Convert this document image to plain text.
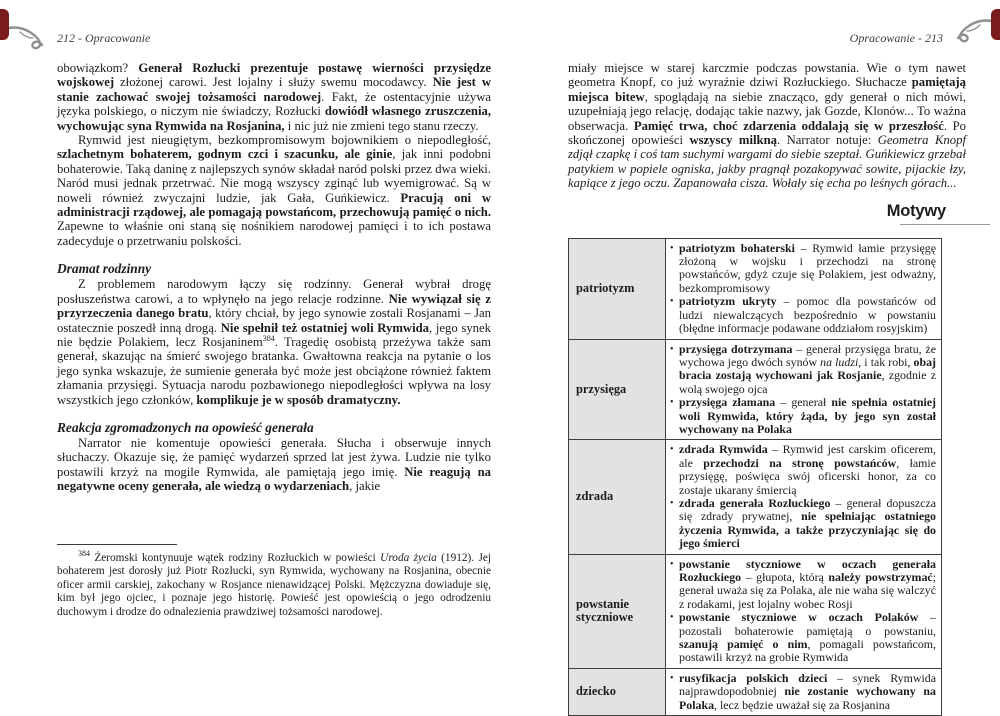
212 - Opracowanie

obowiązkom? Generał Rozłucki prezentuje postawę wierności przysiędze wojskowej złożonej carowi. Jest lojalny i służy swemu mocodawcy. Nie jest w stanie zachować swojej tożsamości narodowej. Fakt, że ostentacyjnie używa języka polskiego, o niczym nie świadczy, Rozłucki dowiódł własnego zruszczenia, wychowując syna Rymwida na Rosjanina, i nic już nie zmieni tego stanu rzeczy.

Rymwid jest nieugiętym, bezkompromisowym bojownikiem o niepodległość, szlachetnym bohaterem, godnym czci i szacunku, ale ginie, jak inni podobni bohaterowie. Taką daninę z najlepszych synów składał naród polski przez dwa wieki. Naród musi jednak przetrwać. Nie mogą wszyscy zginąć lub wyemigrować. Są w noweli również zwyczajni ludzie, jak Gała, Guńkiewicz. Pracują oni w administracji rządowej, ale pomagają powstańcom, przechowują pamięć o nich. Zapewne to właśnie oni staną się nośnikiem narodowej pamięci i to ich postawa zadecyduje o przetrwaniu polskości.

Dramat rodzinny

Z problemem narodowym łączy się rodzinny. Generał wybrał drogę posłuszeństwa carowi, a to wpłynęło na jego relacje rodzinne. Nie wywiązał się z przyrzeczenia danego bratu, który chciał, by jego synowie zostali Rosjanami – Jan ostatecznie poszedł inną drogą. Nie spełnił też ostatniej woli Rymwida, jego synek nie będzie Polakiem, lecz Rosjaninem$^{384}$. Tragedię osobistą przeżywa także sam generał, skazując na śmierć swojego bratanka. Gwałtowna reakcja na pytanie o los jego synka wskazuje, że sumienie generała być może jest obciążone również faktem złamania przysięgi. Sytuacja narodu pozbawionego niepodległości wpływa na losy wszystkich jego członków, komplikuje je w sposób dramatyczny.

Reakcja zgromadzonych na opowieść generała

Narrator nie komentuje opowieści generała. Słucha i obserwuje innych słuchaczy. Okazuje się, że pamięć wydarzeń sprzed lat jest żywa. Ludzie nie tylko postawili krzyż na mogile Rymwida, ale pamiętają jego imię. Nie reagują na negatywne oceny generała, ale wiedzą o wydarzeniach, jakie

$^{384}$ Żeromski kontynuuje wątek rodziny Rozłuckich w powieści Uroda życia (1912). Jej bohaterem jest dorosły już Piotr Rozłucki, syn Rymwida, wychowany na Rosjanina, obecnie oficer armii carskiej, zakochany w Rosjance nienawidzącej Polski. Mężczyzna dowiaduje się, kim był jego ojciec, i poznaje jego historię. Powieść jest opowieścią o jego odrodzeniu duchowym i drodze do odnalezienia prawdziwej tożsamości narodowej.

Opracowanie - 213

miały miejsce w starej karczmie podczas powstania. Wie o tym nawet geometra Knopf, co już wyraźnie dziwi Rozłuckiego. Słuchacze pamiętają miejsca bitew, spoglądają na siebie znacząco, gdy generał o nich mówi, uzupełniają jego relację, dodając takie nazwy, jak Gozde, Klonów... To ważna obserwacja. Pamięć trwa, choć zdarzenia oddalają się w przeszłość. Po skończonej opowieści wszyscy milkną. Narrator notuje: Geometra Knopf zdjął czapkę i coś tam suchymi wargami do siebie szeptał. Guńkiewicz grzebał patykiem w popiele ogniska, jakby pragnął pozakopywać sowite, pijackie łzy, kapiące z jego oczu. Zapanowała cisza. Wołały się echa po leśnych górach...

Motywy
patriotyzm	
• patriotyzm bohaterski – Rymwid łamie przysięgę złożoną w wojsku i przechodzi na stronę powstańców, gdyż czuje się Polakiem, jest odważny, bezkompromisowy
• patriotyzm ukryty – pomoc dla powstańców od ludzi niewalczących bezpośrednio w powstaniu (błędne informacje podawane oddziałom rosyjskim)

przysięga	
• przysięga dotrzymana – generał przysięga bratu, że wychowa jego dwóch synów na ludzi, i tak robi, obaj bracia zostają wychowani jak Rosjanie, zgodnie z wolą swojego ojca
• przysięga złamana – generał nie spełnia ostatniej woli Rymwida, który żąda, by jego syn został wychowany na Polaka

zdrada	
• zdrada Rymwida – Rymwid jest carskim oficerem, ale przechodzi na stronę powstańców, łamie przysięgę, poświęca swój oficerski honor, za co zostaje ukarany śmiercią
• zdrada generała Rozłuckiego – generał dopuszcza się zdrady prywatnej, nie spełniając ostatniego życzenia Rymwida, a także przyczyniając się do jego śmierci

powstanie styczniowe	
• powstanie styczniowe w oczach generała Rozłuckiego – głupota, którą należy powstrzymać; generał uważa się za Polaka, ale nie waha się walczyć z rodakami, jest lojalny wobec Rosji
• powstanie styczniowe w oczach Polaków – pozostali bohaterowie pamiętają o powstaniu, szanują pamięć o nim, pomagali powstańcom, postawili krzyż na grobie Rymwida

dziecko	
• rusyfikacja polskich dzieci – synek Rymwida najprawdopodobniej nie zostanie wychowany na Polaka, lecz będzie uważał się za Rosjanina
